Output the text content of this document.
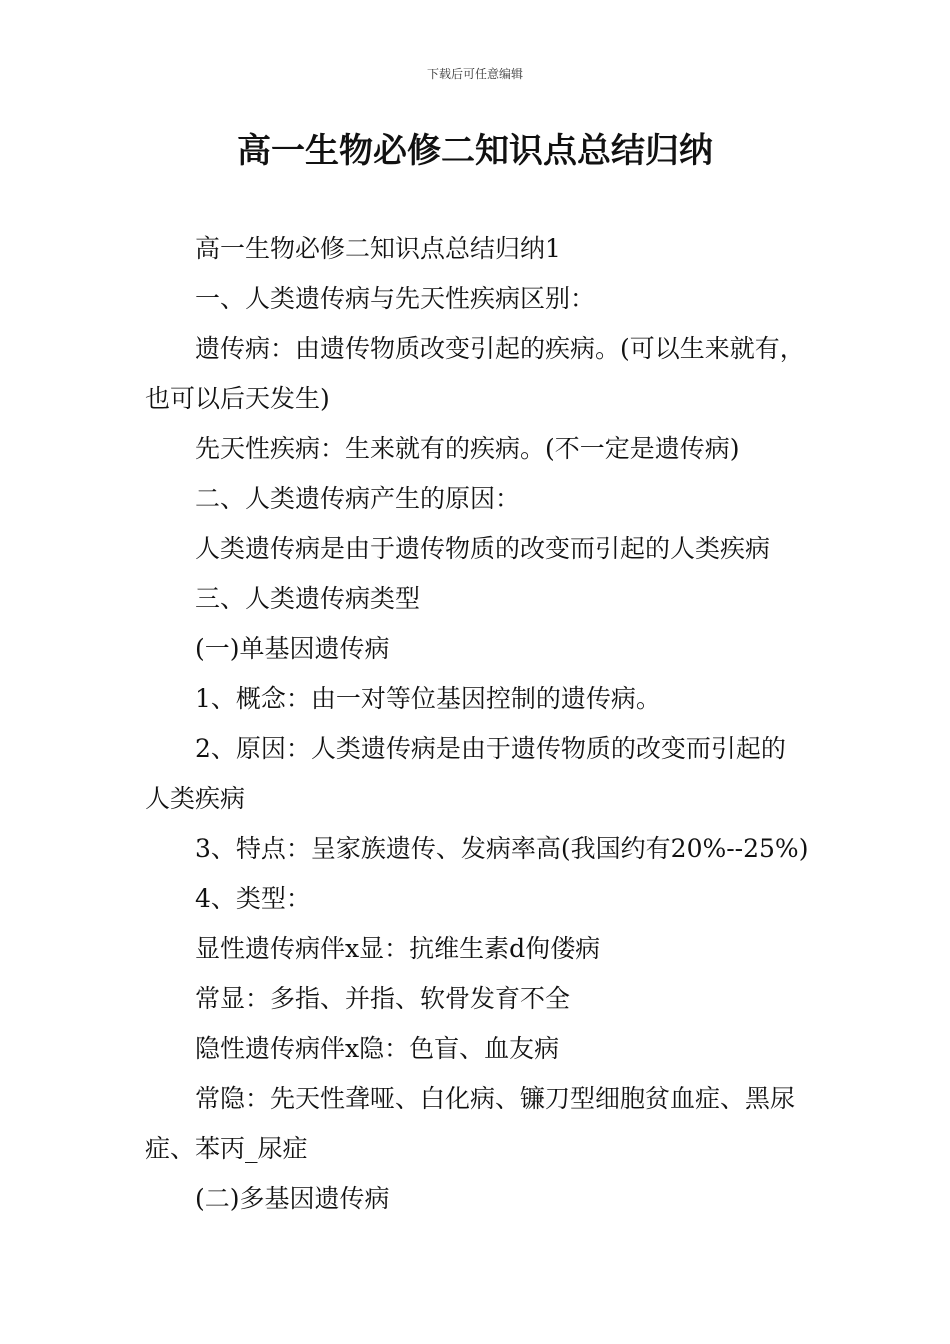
下载后可任意编辑
高一生物必修二知识点总结归纳

高一生物必修二知识点总结归纳1

一、人类遗传病与先天性疾病区别：

遗传病：由遗传物质改变引起的疾病。(可以生来就有，也可以后天发生)

先天性疾病：生来就有的疾病。(不一定是遗传病)

二、人类遗传病产生的原因：

人类遗传病是由于遗传物质的改变而引起的人类疾病

三、人类遗传病类型

(一)单基因遗传病

1、概念：由一对等位基因控制的遗传病。

2、原因：人类遗传病是由于遗传物质的改变而引起的人类疾病

3、特点：呈家族遗传、发病率高(我国约有20%--25%)

4、类型：

显性遗传病伴x显：抗维生素d佝偻病

常显：多指、并指、软骨发育不全

隐性遗传病伴x隐：色盲、血友病

常隐：先天性聋哑、白化病、镰刀型细胞贫血症、黑尿症、苯丙_尿症

(二)多基因遗传病
